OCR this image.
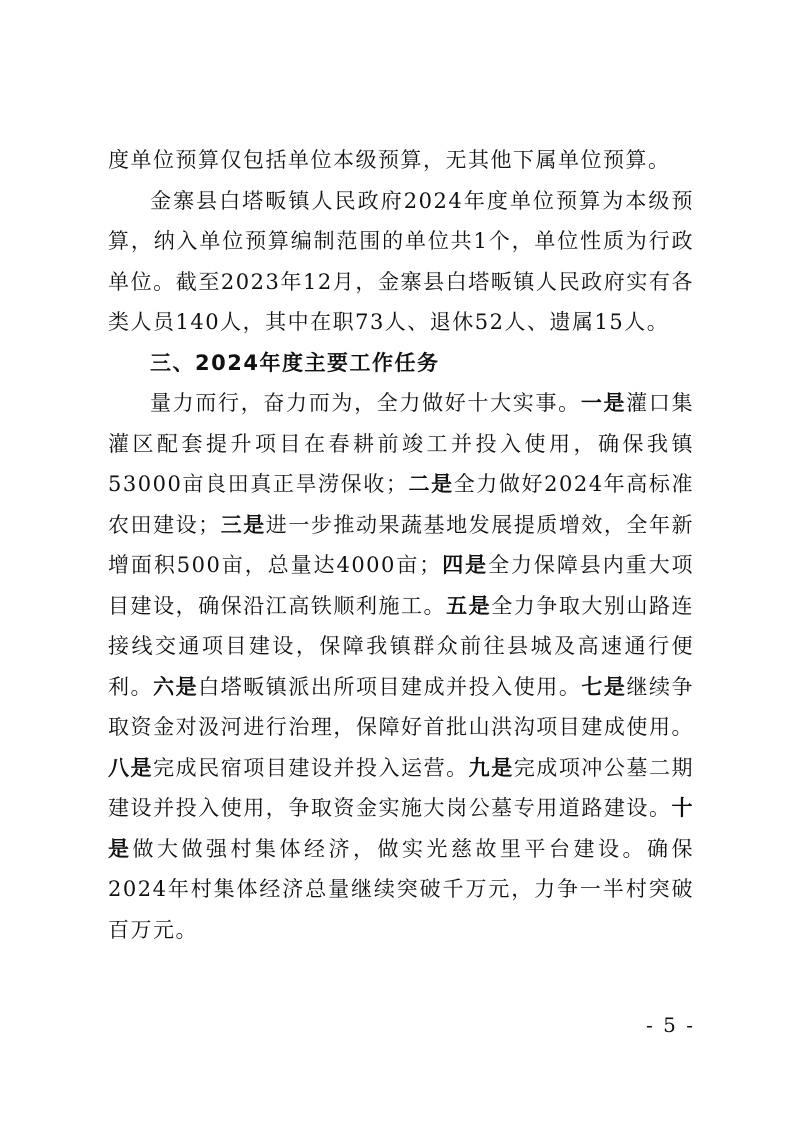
度单位预算仅包括单位本级预算，无其他下属单位预算。

金寨县白塔畈镇人民政府2024年度单位预算为本级预算，纳入单位预算编制范围的单位共1个，单位性质为行政单位。截至2023年12月，金寨县白塔畈镇人民政府实有各类人员140人，其中在职73人、退休52人、遗属15人。

三、2024年度主要工作任务

量力而行，奋力而为，全力做好十大实事。一是灌口集灌区配套提升项目在春耕前竣工并投入使用，确保我镇53000亩良田真正旱涝保收；二是全力做好2024年高标准农田建设；三是进一步推动果蔬基地发展提质增效，全年新增面积500亩，总量达4000亩；四是全力保障县内重大项目建设，确保沿江高铁顺利施工。五是全力争取大别山路连接线交通项目建设，保障我镇群众前往县城及高速通行便利。六是白塔畈镇派出所项目建成并投入使用。七是继续争取资金对汲河进行治理，保障好首批山洪沟项目建成使用。八是完成民宿项目建设并投入运营。九是完成项冲公墓二期建设并投入使用，争取资金实施大岗公墓专用道路建设。十是做大做强村集体经济，做实光慈故里平台建设。确保2024年村集体经济总量继续突破千万元，力争一半村突破百万元。

- 5 -
